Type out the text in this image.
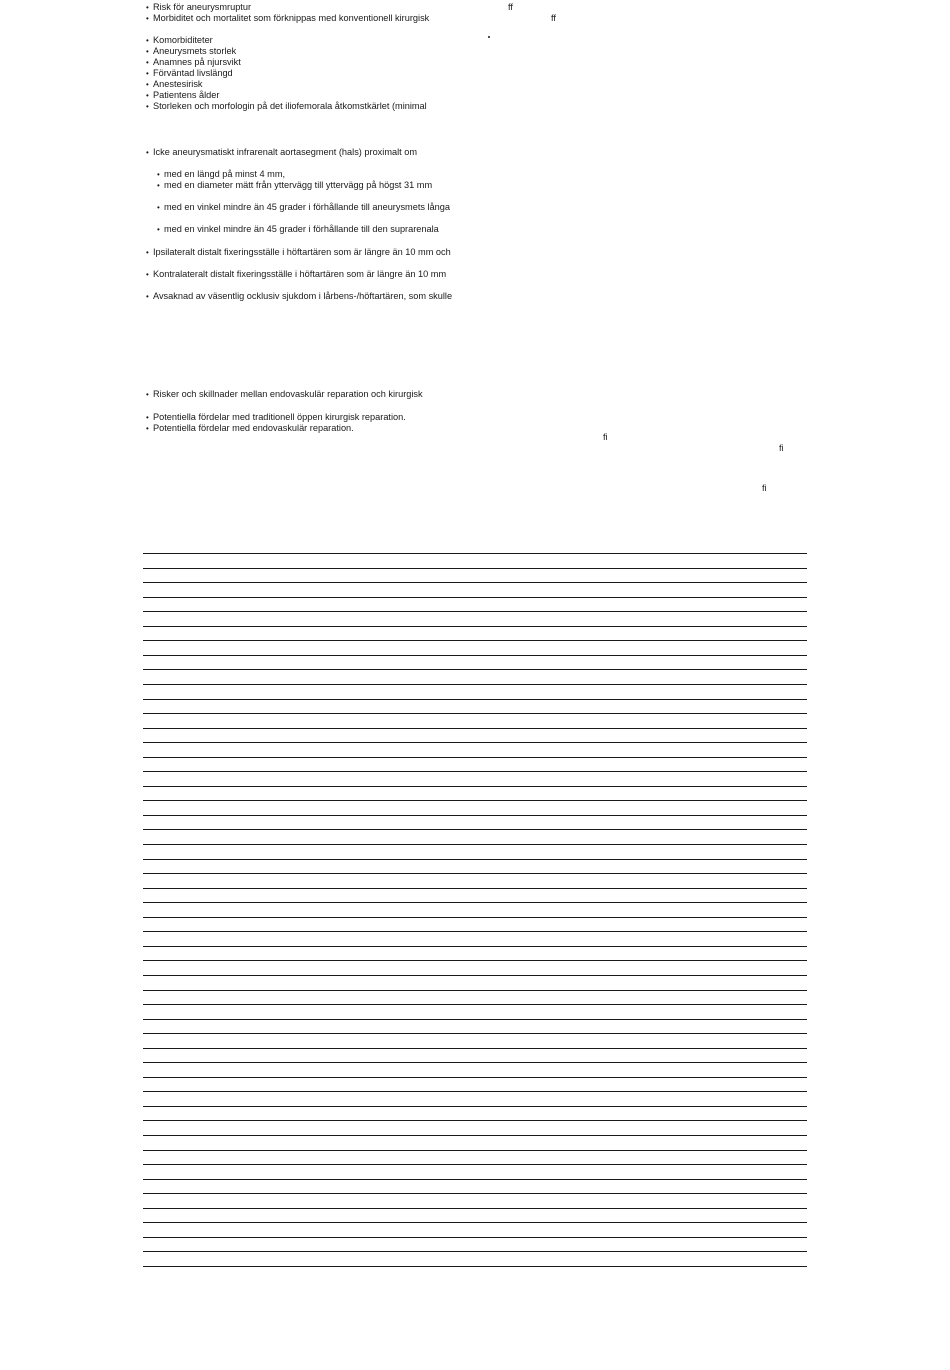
• Risk för aneurysmruptur
• Morbiditet och mortalitet som förknippas med konventionell kirurgisk
ff
ff
• Komorbiditeter
• Aneurysmets storlek
• Anamnes på njursvikt
• Förväntad livslängd
• Anestesirisk
• Patientens ålder
• Storleken och morfologin på det iliofemorala åtkomstkärlet (minimal
• Icke aneurysmatiskt infrarenalt aortasegment (hals) proximalt om
• med en längd på minst 4 mm,
• med en diameter mätt från yttervägg till yttervägg på högst 31 mm
• med en vinkel mindre än 45 grader i förhållande till aneurysmets långa
• med en vinkel mindre än 45 grader i förhållande till den suprarenala
• Ipsilateralt distalt fixeringsställe i höftartären som är längre än 10 mm och
• Kontralateralt distalt fixeringsställe i höftartären som är längre än 10 mm
• Avsaknad av väsentlig ocklusiv sjukdom i lårbens-/höftartären, som skulle
• Risker och skillnader mellan endovaskulär reparation och kirurgisk
• Potentiella fördelar med traditionell öppen kirurgisk reparation.
• Potentiella fördelar med endovaskulär reparation.
fi
fi
fi
